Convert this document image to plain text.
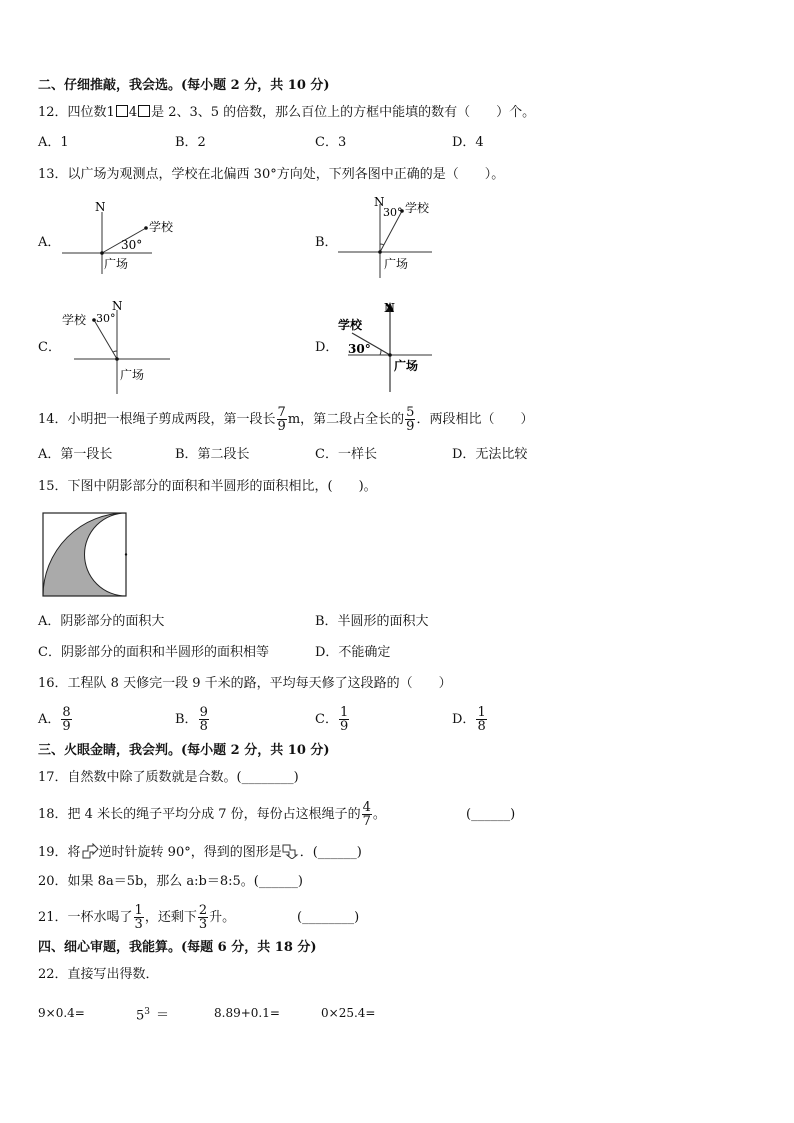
二、仔细推敲，我会选。(每小题 2 分，共 10 分)
12．四位数1 4 是 2、3、5 的倍数，那么百位上的方框中能填的数有（　　）个。
A．1	B．2	C．3	D．4
13．以广场为观测点，学校在北偏西 30°方向处，下列各图中正确的是（　　）。
A．
N
学校
30°
广场
B．
N
30° 学校
广场
C．
N
学校 30°
广场
D．
N
学校
30°
广场
14．小明把一根绳子剪成两段，第一段长 $\frac{7}{9}$ m，第二段占全长的 $\frac{5}{9}$ ．两段相比（　　）
A．第一段长	B．第二段长	C．一样长	D．无法比较
15．下图中阴影部分的面积和半圆形的面积相比，(　　)。
A．阴影部分的面积大	B．半圆形的面积大
C．阴影部分的面积和半圆形的面积相等	D．不能确定
16．工程队 8 天修完一段 9 千米的路，平均每天修了这段路的（　　）
A． $\frac{8}{9}$	B． $\frac{9}{8}$	C． $\frac{1}{9}$	D． $\frac{1}{8}$
三、火眼金睛，我会判。(每小题 2 分，共 10 分)
17．自然数中除了质数就是合数。(________)
18．把 4 米长的绳子平均分成 7 份，每份占这根绳子的 $\frac{4}{7}$ 。	(______)
19．将 逆时针旋转 90°，得到的图形是 ．(______)
20．如果 8a＝5b，那么 a:b＝8:5。(______)
21．一杯水喝了 $\frac{1}{3}$ ，还剩下 $\frac{2}{3}$ 升。	(________)
四、细心审题，我能算。(每题 6 分，共 18 分)
22．直接写出得数．
9×0.4=	$5^3$ ＝	8.89+0.1=	0×25.4=
